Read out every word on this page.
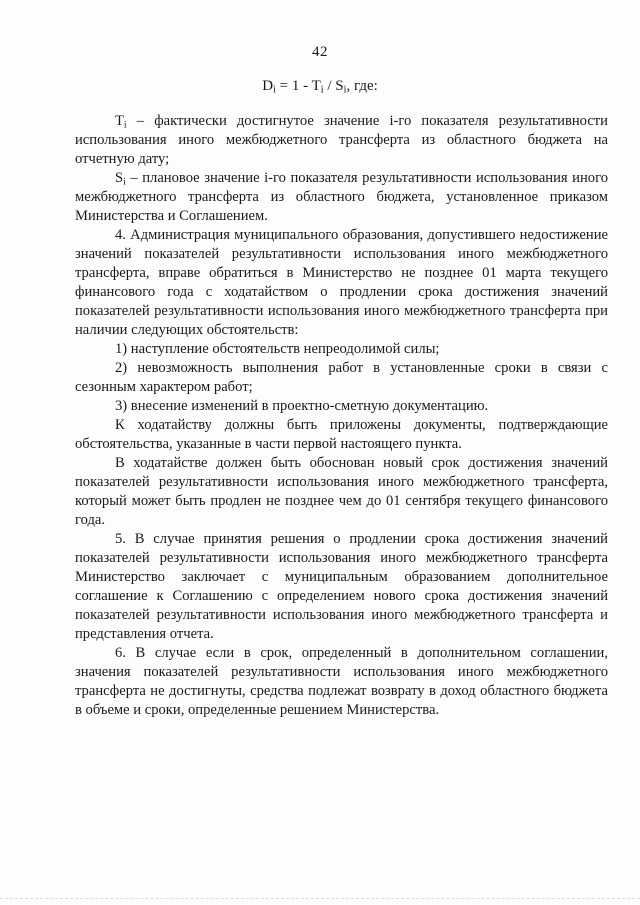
42
$D_i = 1 - T_i / S_i$, где:

$T_i$ – фактически достигнутое значение i-го показателя результативности использования иного межбюджетного трансферта из областного бюджета на отчетную дату;

$S_i$ – плановое значение i-го показателя результативности использования иного межбюджетного трансферта из областного бюджета, установленное приказом Министерства и Соглашением.

4. Администрация муниципального образования, допустившего недостижение значений показателей результативности использования иного межбюджетного трансферта, вправе обратиться в Министерство не позднее 01 марта текущего финансового года с ходатайством о продлении срока достижения значений показателей результативности использования иного межбюджетного трансферта при наличии следующих обстоятельств:

1) наступление обстоятельств непреодолимой силы;

2) невозможность выполнения работ в установленные сроки в связи с сезонным характером работ;

3) внесение изменений в проектно-сметную документацию.

К ходатайству должны быть приложены документы, подтверждающие обстоятельства, указанные в части первой настоящего пункта.

В ходатайстве должен быть обоснован новый срок достижения значений показателей результативности использования иного межбюджетного трансферта, который может быть продлен не позднее чем до 01 сентября текущего финансового года.

5. В случае принятия решения о продлении срока достижения значений показателей результативности использования иного межбюджетного трансферта Министерство заключает с муниципальным образованием дополнительное соглашение к Соглашению с определением нового срока достижения значений показателей результативности использования иного межбюджетного трансферта и представления отчета.

6. В случае если в срок, определенный в дополнительном соглашении, значения показателей результативности использования иного межбюджетного трансферта не достигнуты, средства подлежат возврату в доход областного бюджета в объеме и сроки, определенные решением Министерства.
